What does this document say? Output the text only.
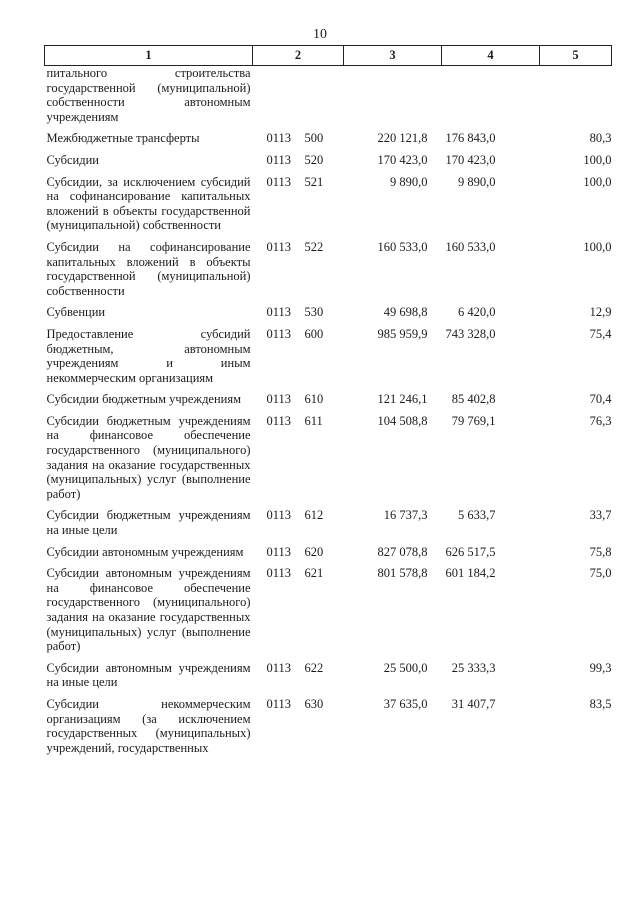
10
1	2	3	4	5
питального строительства государственной (муниципальной) собственности автономным учреждениям				
Межбюджетные трансферты	0113 500	220 121,8	176 843,0	80,3
Субсидии	0113 520	170 423,0	170 423,0	100,0
Субсидии, за исключением субсидий на софинансирование капитальных вложений в объекты государственной (муниципальной) собственности	0113 521	9 890,0	9 890,0	100,0
Субсидии на софинансирование капитальных вложений в объекты государственной (муниципальной) собственности	0113 522	160 533,0	160 533,0	100,0
Субвенции	0113 530	49 698,8	6 420,0	12,9
Предоставление субсидий бюджетным, автономным учреждениям и иным некоммерческим организациям	0113 600	985 959,9	743 328,0	75,4
Субсидии бюджетным учреждениям	0113 610	121 246,1	85 402,8	70,4
Субсидии бюджетным учреждениям на финансовое обеспечение государственного (муниципального) задания на оказание государственных (муниципальных) услуг (выполнение работ)	0113 611	104 508,8	79 769,1	76,3
Субсидии бюджетным учреждениям на иные цели	0113 612	16 737,3	5 633,7	33,7
Субсидии автономным учреждениям	0113 620	827 078,8	626 517,5	75,8
Субсидии автономным учреждениям на финансовое обеспечение государственного (муниципального) задания на оказание государственных (муниципальных) услуг (выполнение работ)	0113 621	801 578,8	601 184,2	75,0
Субсидии автономным учреждениям на иные цели	0113 622	25 500,0	25 333,3	99,3
Субсидии некоммерческим организациям (за исключением государственных (муниципальных) учреждений, государственных	0113 630	37 635,0	31 407,7	83,5
